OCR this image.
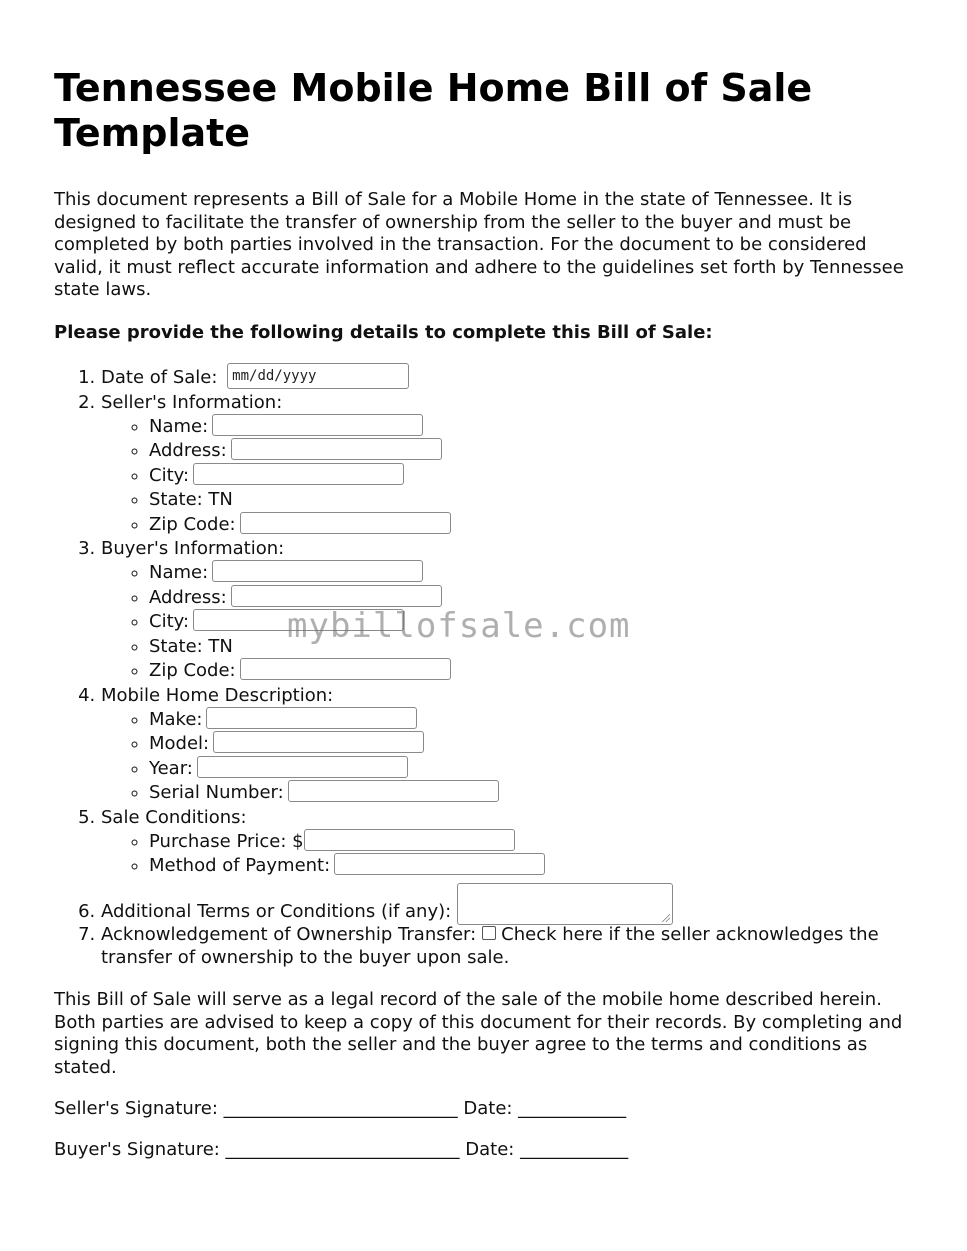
Tennessee Mobile Home Bill of Sale Template

This document represents a Bill of Sale for a Mobile Home in the state of Tennessee. It is designed to facilitate the transfer of ownership from the seller to the buyer and must be completed by both parties involved in the transaction. For the document to be considered valid, it must reflect accurate information and adhere to the guidelines set forth by Tennessee state laws.

Please provide the following details to complete this Bill of Sale:

1. Date of Sale: mm/dd/yyyy
2. Seller's Information:
◦ Name:
◦ Address:
◦ City:
◦ State: TN
◦ Zip Code:
3. Buyer's Information:
◦ Name:
◦ Address:
◦ City:
◦ State: TN
◦ Zip Code:
4. Mobile Home Description:
◦ Make:
◦ Model:
◦ Year:
◦ Serial Number:
5. Sale Conditions:
◦ Purchase Price: $
◦ Method of Payment:
6. Additional Terms or Conditions (if any):
7. Acknowledgement of Ownership Transfer: Check here if the seller acknowledges the transfer of ownership to the buyer upon sale.

This Bill of Sale will serve as a legal record of the sale of the mobile home described herein. Both parties are advised to keep a copy of this document for their records. By completing and signing this document, both the seller and the buyer agree to the terms and conditions as stated.

Seller's Signature: __________________________ Date: ____________

Buyer's Signature: __________________________ Date: ____________

mybillofsale.com
